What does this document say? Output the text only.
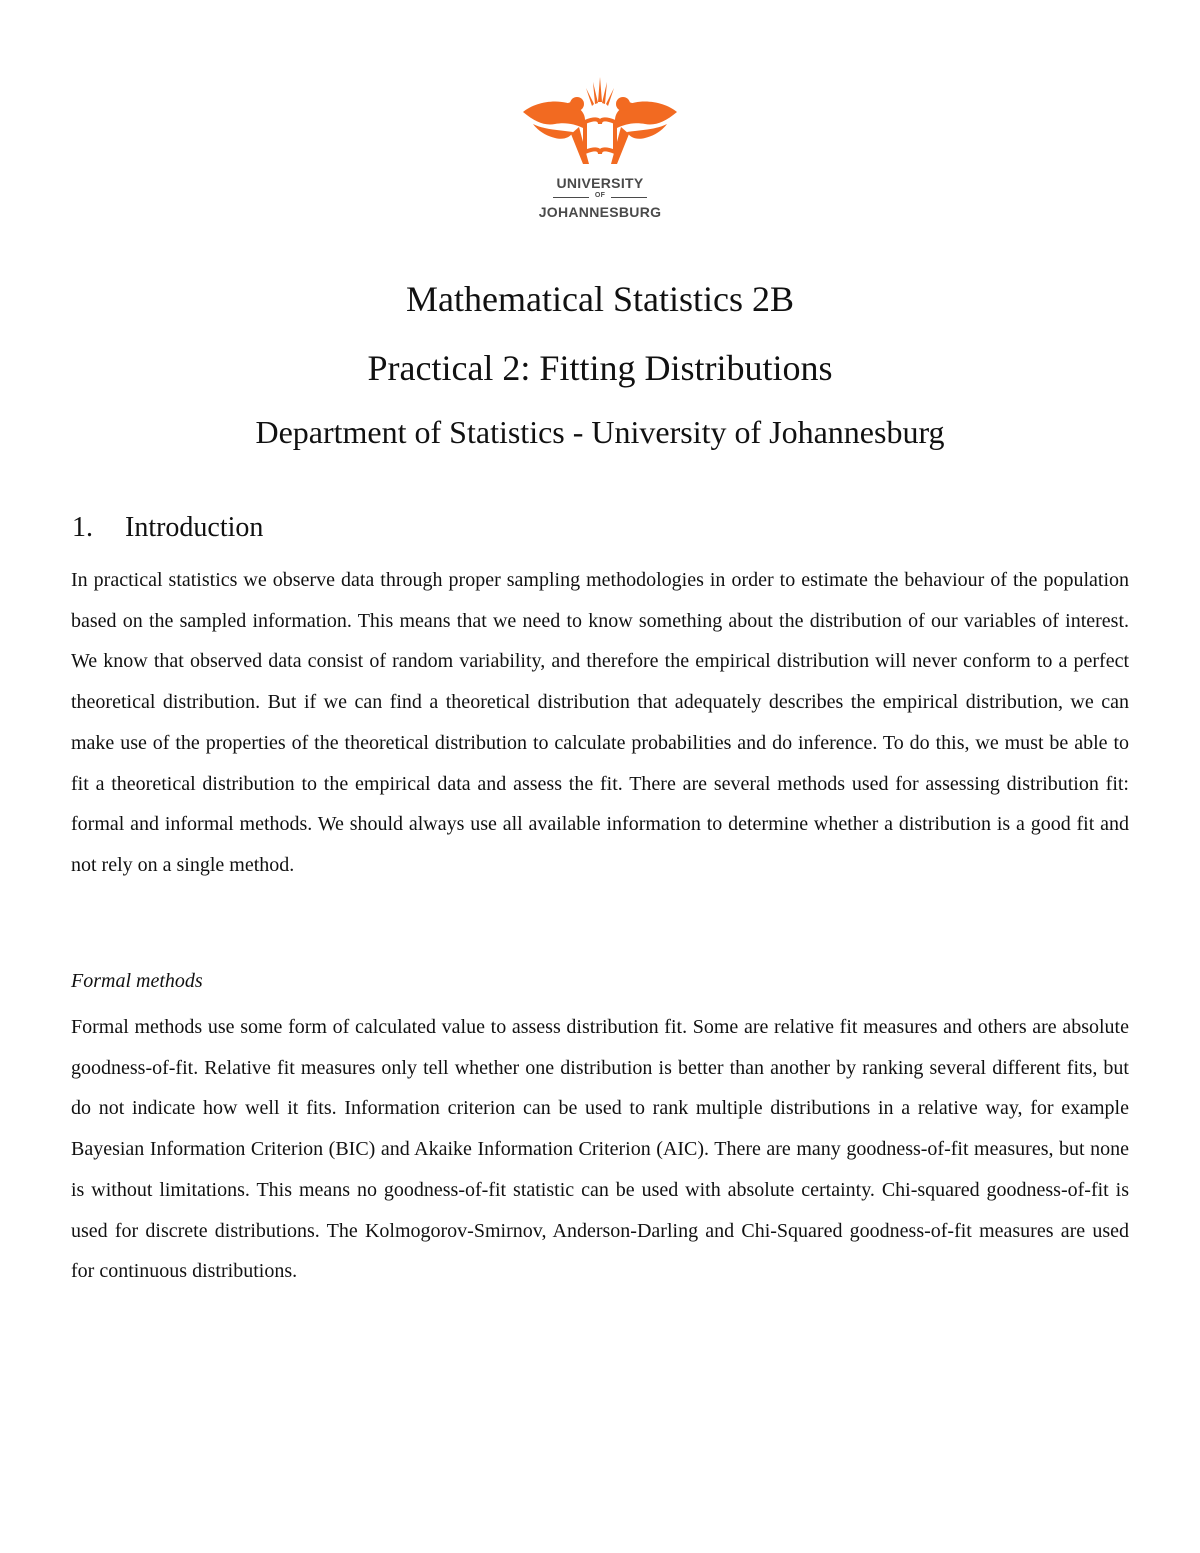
UNIVERSITY
OF
JOHANNESBURG
Mathematical Statistics 2B
Practical 2: Fitting Distributions
Department of Statistics - University of Johannesburg
1. Introduction

In practical statistics we observe data through proper sampling methodologies in order to estimate the behaviour of the population based on the sampled information. This means that we need to know something about the distribution of our variables of interest. We know that observed data consist of random variability, and therefore the empirical distribution will never conform to a perfect theoretical distribution. But if we can find a theoretical distribution that adequately describes the empirical distribution, we can make use of the properties of the theoretical distribution to calculate probabilities and do inference. To do this, we must be able to fit a theoretical distribution to the empirical data and assess the fit. There are several methods used for assessing distribution fit: formal and informal methods. We should always use all available information to determine whether a distribution is a good fit and not rely on a single method.

Formal methods

Formal methods use some form of calculated value to assess distribution fit. Some are relative fit measures and others are absolute goodness-of-fit. Relative fit measures only tell whether one distribution is better than another by ranking several different fits, but do not indicate how well it fits. Information criterion can be used to rank multiple distributions in a relative way, for example Bayesian Information Criterion (BIC) and Akaike Information Criterion (AIC). There are many goodness-of-fit measures, but none is without limitations. This means no goodness-of-fit statistic can be used with absolute certainty. Chi-squared goodness-of-fit is used for discrete distributions. The Kolmogorov-Smirnov, Anderson-Darling and Chi-Squared goodness-of-fit measures are used for continuous distributions.
